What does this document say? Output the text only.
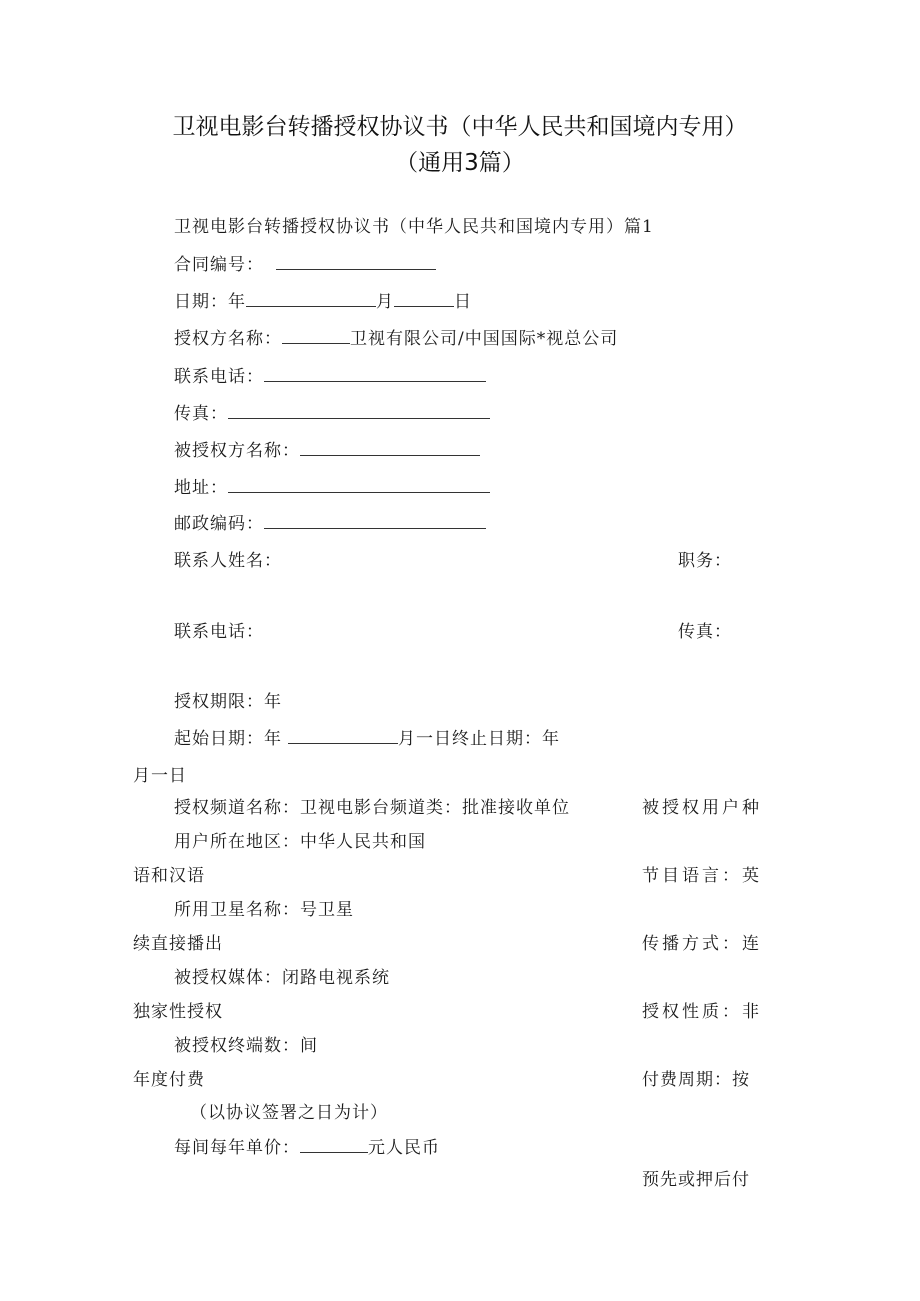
卫视电影台转播授权协议书（中华人民共和国境内专用）
（通用3篇）
卫视电影台转播授权协议书（中华人民共和国境内专用）篇1
合同编号：
日期：年	月	日
授权方名称：	卫视有限公司/中国国际*视总公司
联系电话：
传真：
被授权方名称：
地址：
邮政编码：
联系人姓名：	职务：
联系电话：	传真：
授权期限：年
起始日期：年	月一日终止日期：年
月一日
授权频道名称：卫视电影台频道类：批准接收单位	被授权用户种
用户所在地区：中华人民共和国
语和汉语	节目语言：英
所用卫星名称：号卫星
续直接播出	传播方式：连
被授权媒体：闭路电视系统
独家性授权	授权性质：非
被授权终端数：间
年度付费	付费周期：按
（以协议签署之日为计）
每间每年单价：	元人民币
预先或押后付
